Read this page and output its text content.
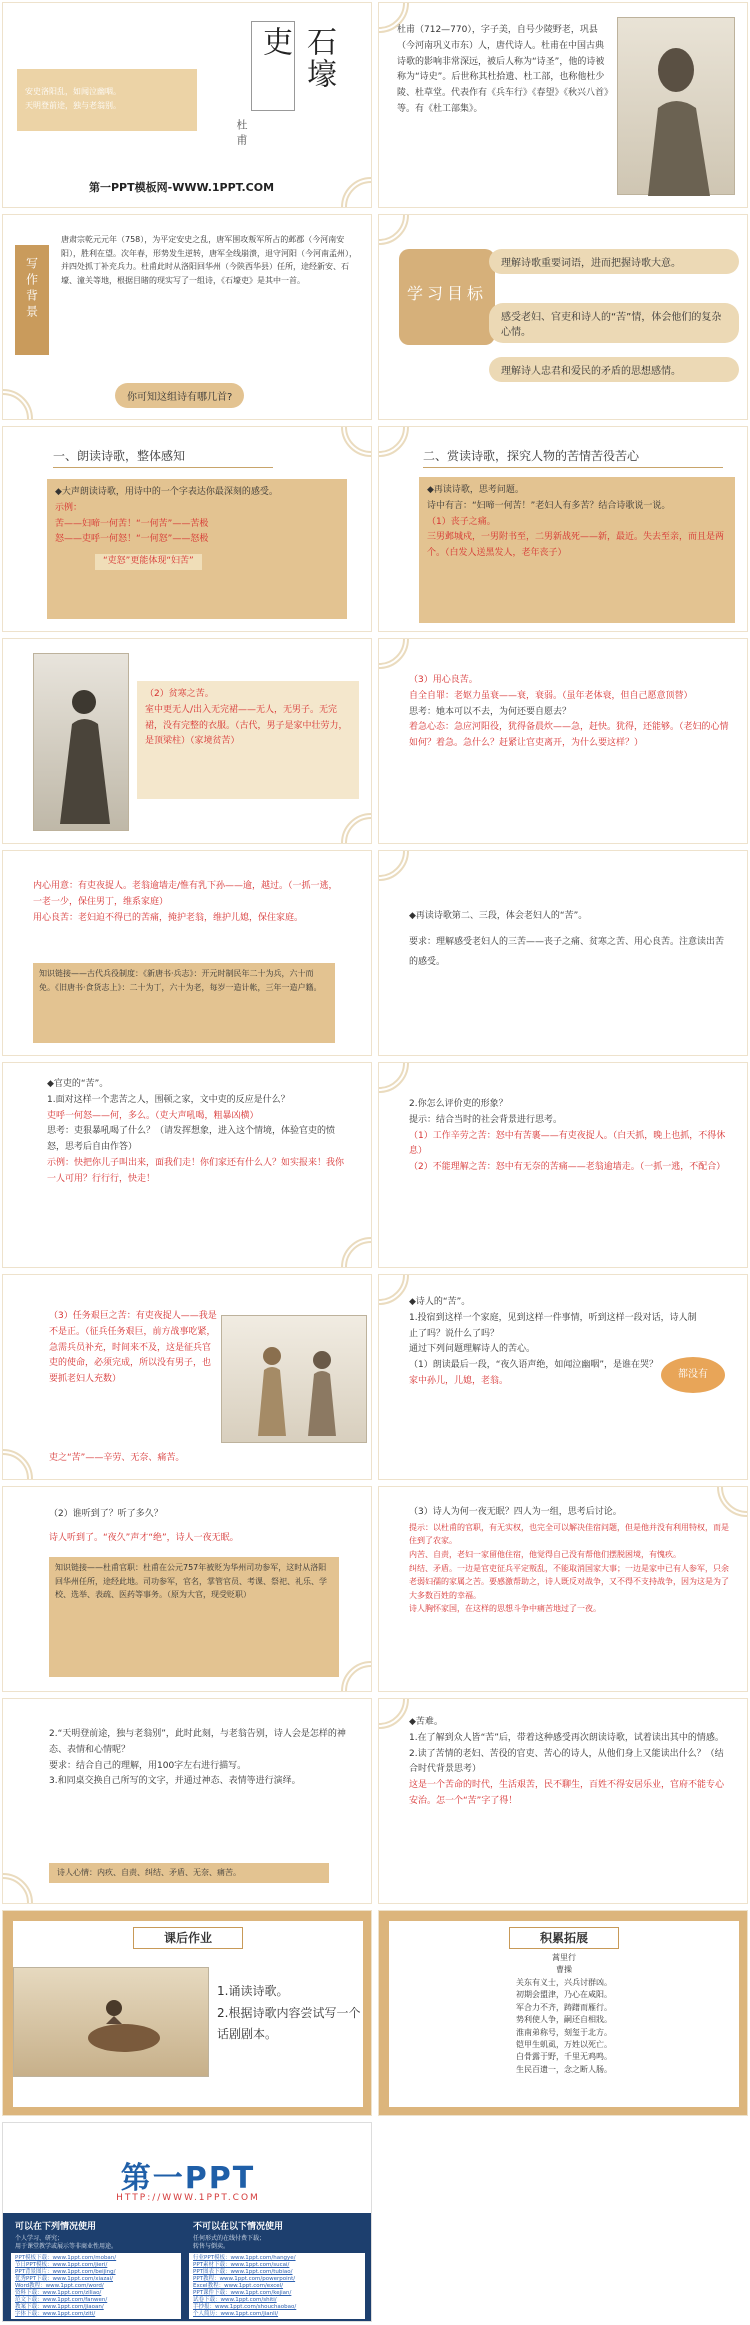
安史洛阳乱，如闻泣幽咽。
天明登前途，独与老翁别。
石壕吏
杜甫
第一PPT模板网-WWW.1PPT.COM
杜甫（712—770），字子美，自号少陵野老，巩县（今河南巩义市东）人，唐代诗人。杜甫在中国古典诗歌的影响非常深远，被后人称为“诗圣”，他的诗被称为“诗史”。后世称其杜拾遗、杜工部，也称他杜少陵、杜草堂。代表作有《兵车行》《春望》《秋兴八首》等。有《杜工部集》。
写作背景
唐肃宗乾元元年（758），为平定安史之乱，唐军围攻叛军所占的邺郡（今河南安阳），胜利在望。次年春，形势发生逆转，唐军全线崩溃，退守河阳（今河南孟州），并四处抓丁补充兵力。杜甫此时从洛阳回华州（今陕西华县）任所，途经新安、石壕、潼关等地，根据目睹的现实写了一组诗，《石壕吏》是其中一首。
你可知这组诗有哪几首?
学习目标
理解诗歌重要词语，进而把握诗歌大意。
感受老妇、官吏和诗人的“苦”情，体会他们的复杂心情。
理解诗人忠君和爱民的矛盾的思想感情。
一、朗读诗歌，整体感知
◆大声朗读诗歌，用诗中的一个字表达你最深刻的感受。
示例：
苦——妇啼一何苦！“一何苦”——苦极
怒——吏呼一何怒！“一何怒”——怒极
“吏怒”更能体现“妇苦”
二、赏读诗歌，探究人物的苦情苦役苦心
◆再读诗歌，思考问题。
诗中有言：“妇啼一何苦！”老妇人有多苦？结合诗歌说一说。
（1）丧子之痛。
三男邺城戍，一男附书至，二男新战死——新，最近。失去至亲，而且是两个。（白发人送黑发人，老年丧子）
（2）贫寒之苦。
室中更无人/出入无完裙——无人，无男子。无完裙，没有完整的衣服。（古代，男子是家中壮劳力，是顶梁柱）（家境贫苦）
（3）用心良苦。
自全自罪：老妪力虽衰——衰，衰弱。（虽年老体衰，但自己愿意顶替）
思考：她本可以不去，为何还要自愿去？
着急心态：急应河阳役，犹得备晨炊——急，赶快。犹得，还能够。（老妇的心情如何？着急。急什么？赶紧让官吏离开，为什么要这样？）
内心用意：有吏夜捉人。老翁逾墙走/惟有乳下孙——逾，越过。（一抓一逃，一老一少，保住男丁，维系家庭）
用心良苦：老妇迫不得已的苦痛，掩护老翁，维护儿媳，保住家庭。
知识链接——古代兵役制度：《新唐书·兵志》：开元时制民年二十为兵，六十而免。《旧唐书·食货志上》：二十为丁，六十为老，每岁一造计帐，三年一造户籍。
◆再读诗歌第二、三段，体会老妇人的“苦”。
要求：理解感受老妇人的三苦——丧子之痛、贫寒之苦、用心良苦。注意读出苦的感受。
◆官吏的“苦”。
1.面对这样一个悲苦之人，围顿之家，文中吏的反应是什么？
吏呼一何怒——何，多么。（吏大声吼喝，粗暴凶横）
思考：吏狠暴吼喝了什么？（请发挥想象，进入这个情境，体验官吏的愤怒，思考后自由作答）
示例：快把你儿子叫出来，面我们走！你们家还有什么人？如实报来！我你一人可用？行行行，快走！
2.你怎么评价吏的形象？
提示：结合当时的社会背景进行思考。
（1）工作辛劳之苦：怒中有苦裹——有吏夜捉人。（白天抓，晚上也抓，不得休息）
（2）不能理解之苦：怒中有无奈的苦痛——老翁逾墙走。（一抓一逃，不配合）
（3）任务艰巨之苦：有吏夜捉人——我是不是正。（征兵任务艰巨，前方战事吃紧，急需兵员补充，时间来不及，这是征兵官吏的使命，必须完成，所以没有男子，也要抓老妇人充数）
吏之“苦”——辛劳、无奈、痛苦。
◆诗人的“苦”。
1.投宿到这样一个家庭，见到这样一件事情，听到这样一段对话，诗人制止了吗？说什么了吗？
通过下列问题理解诗人的苦心。
（1）朗读最后一段，“夜久语声绝，如闻泣幽咽”，是谁在哭？
家中孙儿，儿媳，老翁。
都没有
（2）谁听到了？听了多久？
诗人听到了。“夜久”声才“绝”，诗人一夜无眠。
知识链接——杜甫官职：杜甫在公元757年被贬为华州司功参军，这时从洛阳回华州任所，途经此地。司功参军，官名，掌管官员、考课、祭祀、礼乐、学校、选举、表疏、医药等事务。（原为大官，现受贬职）
（3）诗人为何一夜无眠？四人为一组，思考后讨论。
提示：以杜甫的官职，有无实权，也完全可以解决佳宿问题，但是他并没有利用特权，而是住到了农家。
内苦、自责，老妇一家留他住宿，他觉得自己没有帮他们摆脱困境，有愧疚。
纠结、矛盾。一边是官吏征兵平定叛乱，不能取消国家大事；一边是家中已有人参军，只余老弱妇孺的家属之苦。要感激帮助之，诗人既反对战争，又不得不支持战争，因为这是为了大多数百姓的幸福。
诗人胸怀家国，在这样的思想斗争中痛苦地过了一夜。
2.“天明登前途，独与老翁别”，此时此刻，与老翁告别，诗人会是怎样的神态、表情和心情呢？
要求：结合自己的理解，用100字左右进行描写。
3.和同桌交换自己所写的文字，并通过神态、表情等进行演绎。
诗人心情：内疚、自责、纠结、矛盾、无奈、痛苦。
◆苦难。
1.在了解到众人皆“苦”后，带着这种感受再次朗读诗歌，试着读出其中的情感。
2.读了苦情的老妇、苦役的官吏、苦心的诗人，从他们身上又能读出什么？（结合时代背景思考）
这是一个苦命的时代，生活艰苦，民不聊生，百姓不得安居乐业，官府不能专心安治。怎一个“苦”字了得！
课后作业
1.诵读诗歌。
2.根据诗歌内容尝试写一个话剧剧本。
积累拓展
蒿里行
曹操
关东有义士，兴兵讨群凶。
初期会盟津，乃心在咸阳。
军合力不齐，踌躇而雁行。
势利使人争，嗣还自相戕。
淮南弟称号，刻玺于北方。
铠甲生虮虱，万姓以死亡。
白骨露于野，千里无鸡鸣。
生民百遗一，念之断人肠。
第一PPT
HTTP://WWW.1PPT.COM
可以在下列情况使用
个人学习、研究；
用于课堂教学或展示等非商业性用途。
不可以在以下情况使用
任何形式的在线付费下载；
转售与倒卖。
PPT模板下载：www.1ppt.com/moban/
节日PPT模板：www.1ppt.com/jieri/
PPT背景图片：www.1ppt.com/beijing/
优秀PPT下载：www.1ppt.com/xiazai/
Word教程：www.1ppt.com/word/
资料下载：www.1ppt.com/ziliao/
范文下载：www.1ppt.com/fanwen/
教案下载：www.1ppt.com/jiaoan/
字体下载：www.1ppt.com/ziti/
行业PPT模板：www.1ppt.com/hangye/
PPT素材下载：www.1ppt.com/sucai/
PPT图表下载：www.1ppt.com/tubiao/
PPT教程：www.1ppt.com/powerpoint/
Excel教程：www.1ppt.com/excel/
PPT课件下载：www.1ppt.com/kejian/
试卷下载：www.1ppt.com/shiti/
手抄报：www.1ppt.com/shouchaobao/
个人简历：www.1ppt.com/jianli/
